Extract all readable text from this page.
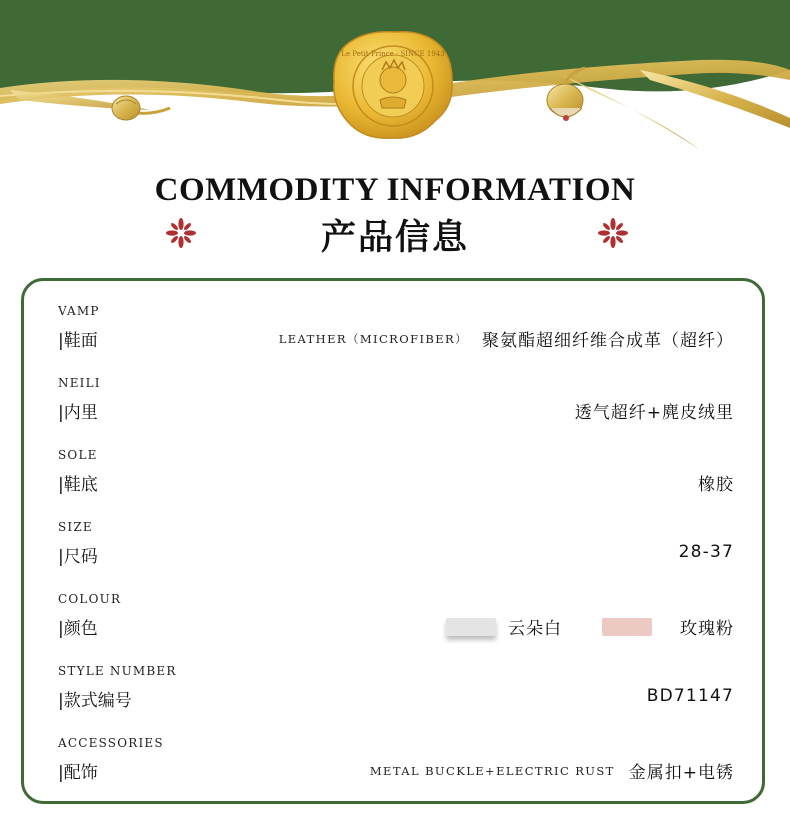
Le Petit Prince · SINCE 1943
COMMODITY INFORMATION
产品信息
VAMP
|鞋面	LEATHER（MICROFIBER） 聚氨酯超细纤维合成革（超纤）
NEILI
|内里	透气超纤+麂皮绒里
SOLE
|鞋底	橡胶
SIZE
|尺码	28-37
COLOUR
|颜色	云朵白	玫瑰粉
STYLE NUMBER
|款式编号	BD71147
ACCESSORIES
|配饰	METAL BUCKLE+ELECTRIC RUST 金属扣+电锈
